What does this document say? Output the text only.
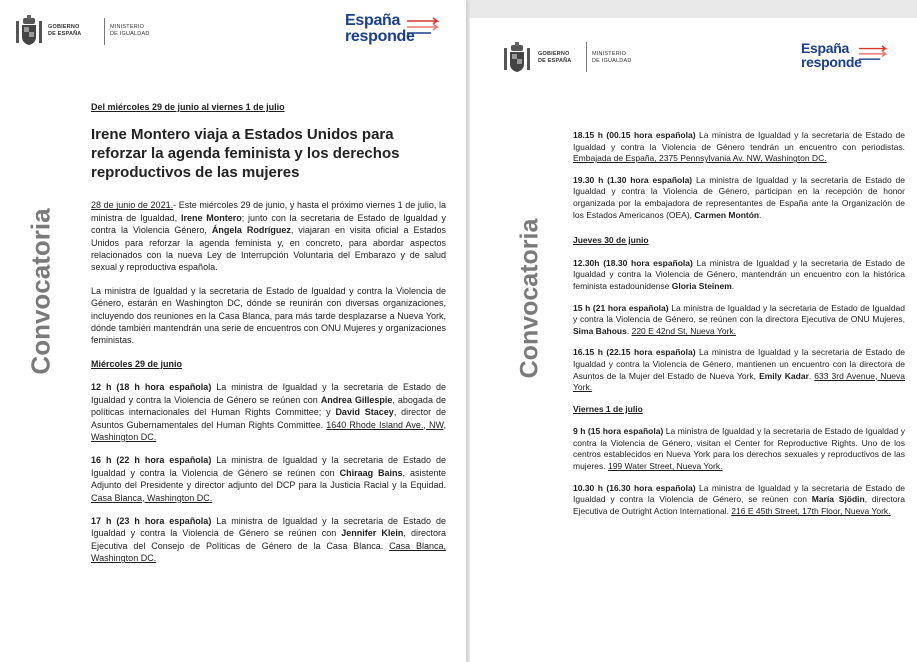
GOBIERNO
DE ESPAÑA
MINISTERIO
DE IGUALDAD
España
responde
Convocatoria
Del miércoles 29 de junio al viernes 1 de julio
Irene Montero viaja a Estados Unidos para reforzar la agenda feminista y los derechos reproductivos de las mujeres

28 de junio de 2021.- Este miércoles 29 de junio, y hasta el próximo viernes 1 de julio, la ministra de Igualdad, Irene Montero; junto con la secretaria de Estado de Igualdad y contra la Violencia Género, Ángela Rodríguez, viajaran en visita oficial a Estados Unidos para reforzar la agenda feminista y, en concreto, para abordar aspectos relacionados con la nueva Ley de Interrupción Voluntaria del Embarazo y de salud sexual y reproductiva española.

La ministra de Igualdad y la secretaria de Estado de Igualdad y contra la Violencia de Género, estarán en Washington DC, dónde se reunirán con diversas organizaciones, incluyendo dos reuniones en la Casa Blanca, para más tarde desplazarse a Nueva York, dónde también mantendrán una serie de encuentros con ONU Mujeres y organizaciones feministas.

Miércoles 29 de junio

12 h (18 h hora española) La ministra de Igualdad y la secretaria de Estado de Igualdad y contra la Violencia de Género se reúnen con Andrea Gillespie, abogada de políticas internacionales del Human Rights Committee; y David Stacey, director de Asuntos Gubernamentales del Human Rights Committee. 1640 Rhode Island Ave., NW, Washington DC.

16 h (22 h hora española) La ministra de Igualdad y la secretaria de Estado de Igualdad y contra la Violencia de Género se reúnen con Chiraag Bains, asistente Adjunto del Presidente y director adjunto del DCP para la Justicia Racial y la Equidad. Casa Blanca, Washington DC.

17 h (23 h hora española) La ministra de Igualdad y la secretaria de Estado de Igualdad y contra la Violencia de Género se reúnen con Jennifer Klein, directora Ejecutiva del Consejo de Políticas de Género de la Casa Blanca. Casa Blanca, Washington DC.

GOBIERNO
DE ESPAÑA
MINISTERIO
DE IGUALDAD
España
responde
Convocatoria

18.15 h (00.15 hora española) La ministra de Igualdad y la secretaria de Estado de Igualdad y contra la Violencia de Género tendrán un encuentro con periodistas. Embajada de España, 2375 Pennsylvania Av. NW, Washington DC.

19.30 h (1.30 hora española) La ministra de Igualdad y la secretaria de Estado de Igualdad y contra la Violencia de Género, participan en la recepción de honor organizada por la embajadora de representantes de España ante la Organización de los Estados Americanos (OEA), Carmen Montón.

Jueves 30 de junio

12.30h (18.30 hora española) La ministra de Igualdad y la secretaria de Estado de Igualdad y contra la Violencia de Género, mantendrán un encuentro con la histórica feminista estadounidense Gloria Steinem.

15 h (21 hora española) La ministra de Igualdad y la secretaria de Estado de Igualdad y contra la Violencia de Género, se reúnen con la directora Ejecutiva de ONU Mujeres, Sima Bahous. 220 E 42nd St, Nueva York.

16.15 h (22.15 hora española) La ministra de Igualdad y la secretaria de Estado de Igualdad y contra la Violencia de Género, mantienen un encuentro con la directora de Asuntos de la Mujer del Estado de Nueva York, Emily Kadar. 633 3rd Avenue, Nueva York.

Viernes 1 de julio

9 h (15 hora española) La ministra de Igualdad y la secretaria de Estado de Igualdad y contra la Violencia de Género, visitan el Center for Reproductive Rights. Uno de los centros establecidos en Nueva York para los derechos sexuales y reproductivos de las mujeres. 199 Water Street, Nueva York.

10.30 h (16.30 hora española) La ministra de Igualdad y la secretaria de Estado de Igualdad y contra la Violencia de Género, se reúnen con María Sjödin, directora Ejecutiva de Outright Action International. 216 E 45th Street, 17th Floor, Nueva York.
